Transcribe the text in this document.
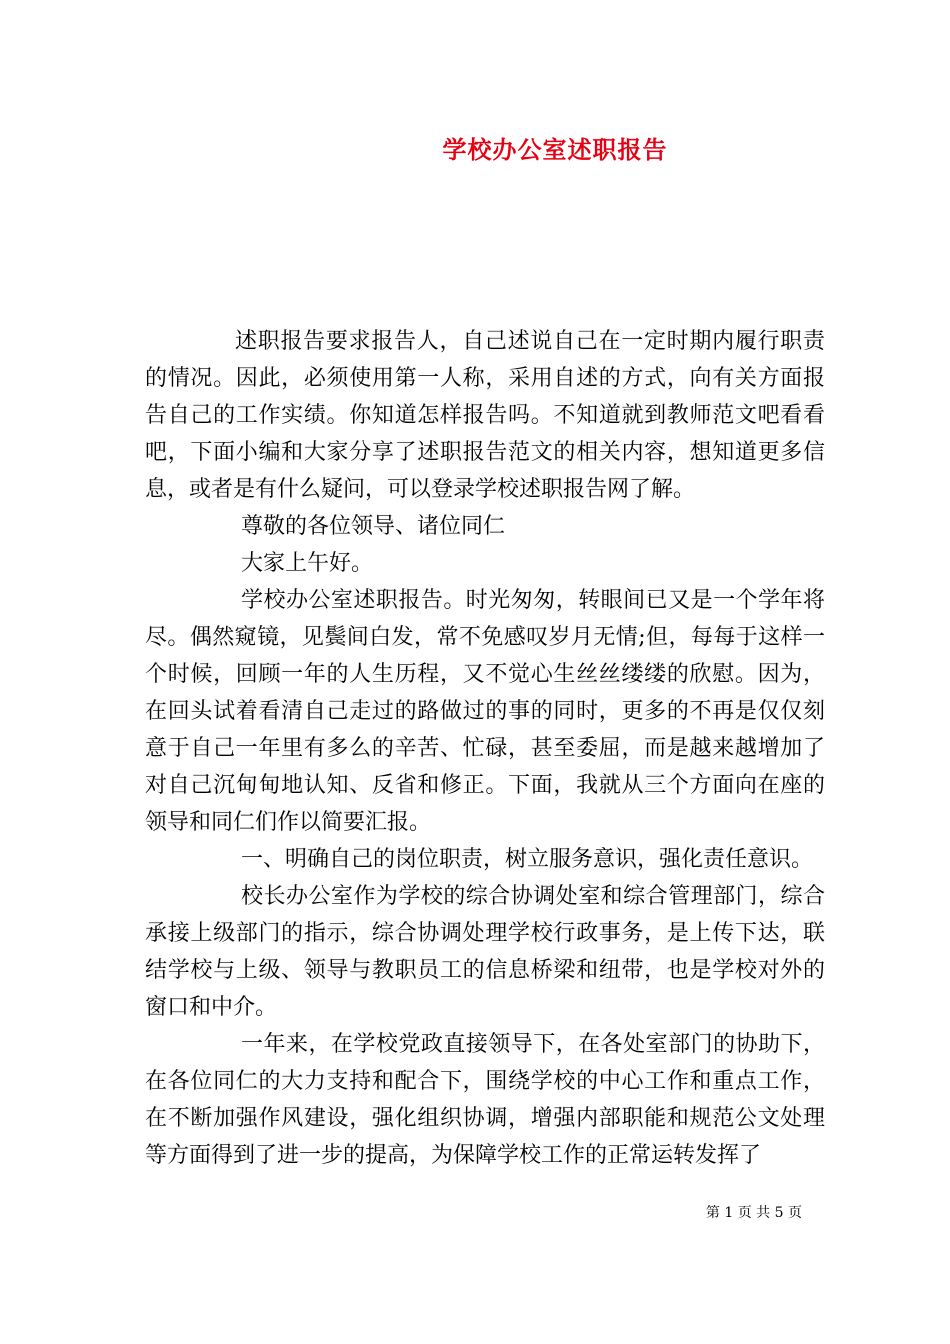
学校办公室述职报告

述职报告要求报告人，自己述说自己在一定时期内履行职责的情况。因此，必须使用第一人称，采用自述的方式，向有关方面报告自己的工作实绩。你知道怎样报告吗。不知道就到教师范文吧看看吧，下面小编和大家分享了述职报告范文的相关内容，想知道更多信息，或者是有什么疑问，可以登录学校述职报告网了解。

尊敬的各位领导、诸位同仁

大家上午好。

学校办公室述职报告。时光匆匆，转眼间已又是一个学年将尽。偶然窥镜，见鬓间白发，常不免感叹岁月无情;但，每每于这样一个时候，回顾一年的人生历程，又不觉心生丝丝缕缕的欣慰。因为，在回头试着看清自己走过的路做过的事的同时，更多的不再是仅仅刻意于自己一年里有多么的辛苦、忙碌，甚至委屈，而是越来越增加了对自己沉甸甸地认知、反省和修正。下面，我就从三个方面向在座的领导和同仁们作以简要汇报。

一、明确自己的岗位职责，树立服务意识，强化责任意识。

校长办公室作为学校的综合协调处室和综合管理部门，综合承接上级部门的指示，综合协调处理学校行政事务，是上传下达，联结学校与上级、领导与教职员工的信息桥梁和纽带，也是学校对外的窗口和中介。

一年来，在学校党政直接领导下，在各处室部门的协助下，在各位同仁的大力支持和配合下，围绕学校的中心工作和重点工作，在不断加强作风建设，强化组织协调，增强内部职能和规范公文处理等方面得到了进一步的提高，为保障学校工作的正常运转发挥了

第 1 页 共 5 页
